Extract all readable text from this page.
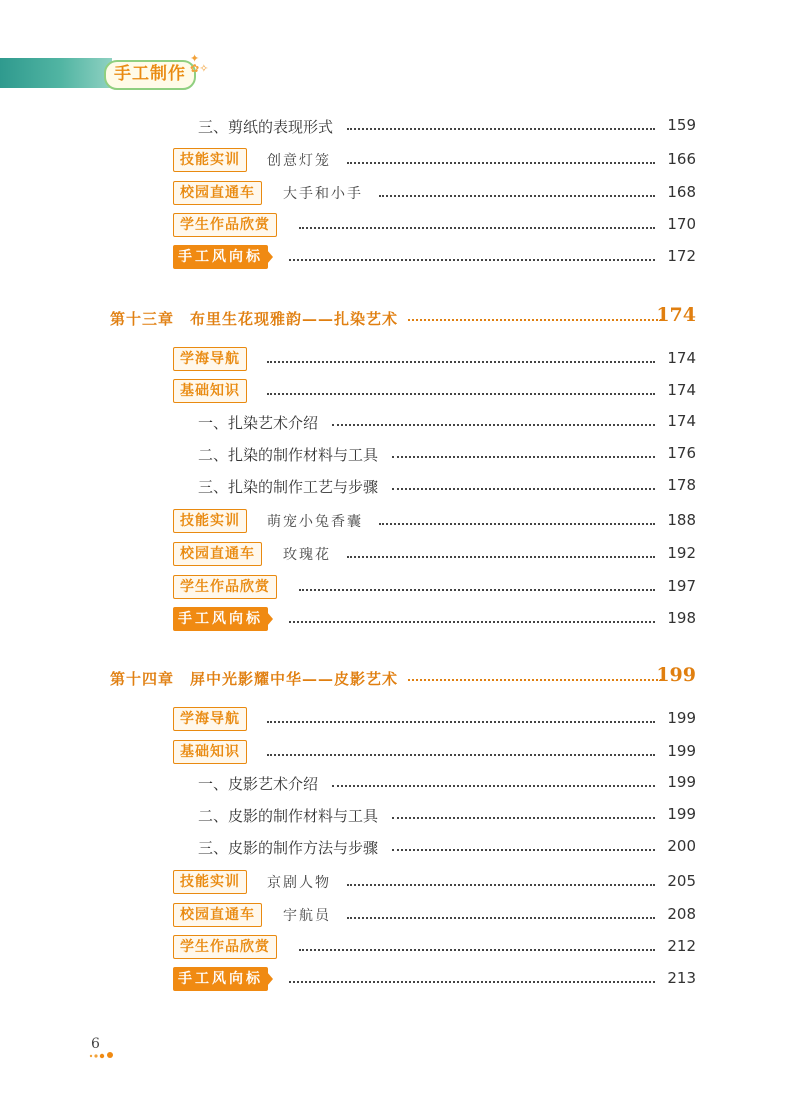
手工制作
✦
✿✧
三、剪纸的表现形式	159
技能实训	创意灯笼	166
校园直通车	大手和小手	168
学生作品欣赏	170
手工风向标	172
第十三章　布里生花现雅韵——扎染艺术	174
学海导航	174
基础知识	174
一、扎染艺术介绍	174
二、扎染的制作材料与工具	176
三、扎染的制作工艺与步骤	178
技能实训	萌宠小兔香囊	188
校园直通车	玫瑰花	192
学生作品欣赏	197
手工风向标	198
第十四章　屏中光影耀中华——皮影艺术	199
学海导航	199
基础知识	199
一、皮影艺术介绍	199
二、皮影的制作材料与工具	199
三、皮影的制作方法与步骤	200
技能实训	京剧人物	205
校园直通车	宇航员	208
学生作品欣赏	212
手工风向标	213
6
